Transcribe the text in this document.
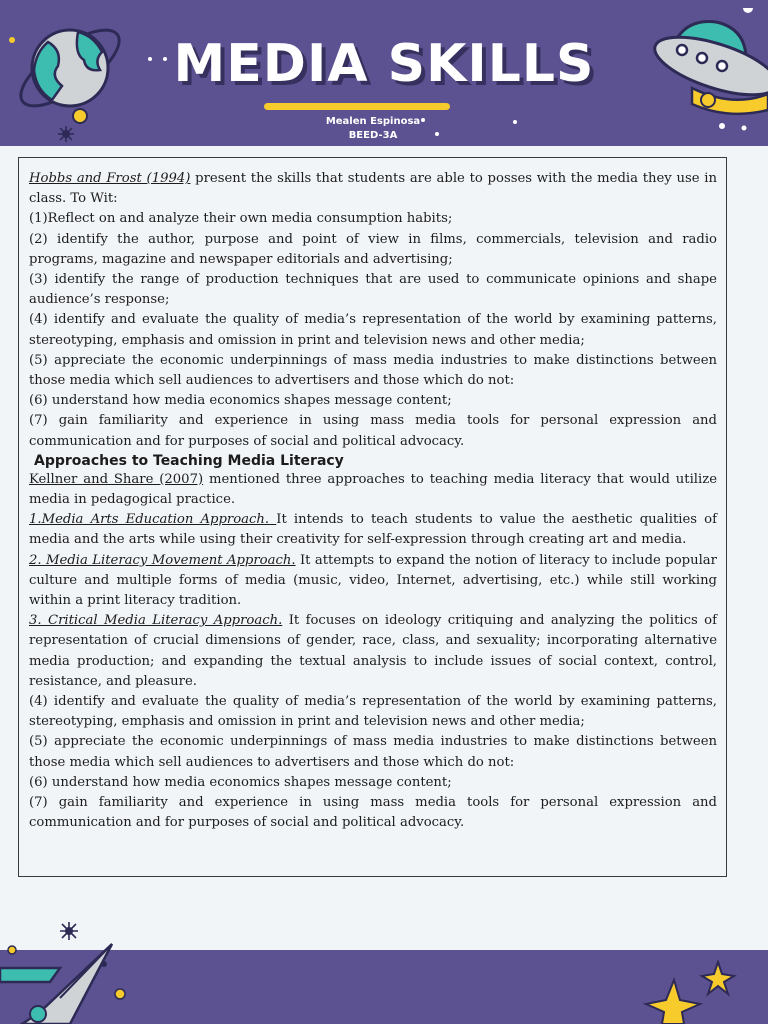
MEDIA SKILLS
Mealen Espinosa
BEED-3A

Hobbs and Frost (1994) present the skills that students are able to posses with the media they use in class. To Wit:

(1)Reflect on and analyze their own media consumption habits;

(2) identify the author, purpose and point of view in films, commercials, television and radio programs, magazine and newspaper editorials and advertising;

(3) identify the range of production techniques that are used to communicate opinions and shape audience’s response;

(4) identify and evaluate the quality of media’s representation of the world by examining patterns, stereotyping, emphasis and omission in print and television news and other media;

(5) appreciate the economic underpinnings of mass media industries to make distinctions between those media which sell audiences to advertisers and those which do not:

(6) understand how media economics shapes message content;

(7) gain familiarity and experience in using mass media tools for personal expression and communication and for purposes of social and political advocacy.

Approaches to Teaching Media Literacy

Kellner and Share (2007) mentioned three approaches to teaching media literacy that would utilize media in pedagogical practice.

1.Media Arts Education Approach. It intends to teach students to value the aesthetic qualities of media and the arts while using their creativity for self-expression through creating art and media.

2. Media Literacy Movement Approach. It attempts to expand the notion of literacy to include popular culture and multiple forms of media (music, video, Internet, advertising, etc.) while still working within a print literacy tradition.

3. Critical Media Literacy Approach. It focuses on ideology critiquing and analyzing the politics of representation of crucial dimensions of gender, race, class, and sexuality; incorporating alternative media production; and expanding the textual analysis to include issues of social context, control, resistance, and pleasure.

(4) identify and evaluate the quality of media’s representation of the world by examining patterns, stereotyping, emphasis and omission in print and television news and other media;

(5) appreciate the economic underpinnings of mass media industries to make distinctions between those media which sell audiences to advertisers and those which do not:

(6) understand how media economics shapes message content;

(7) gain familiarity and experience in using mass media tools for personal expression and communication and for purposes of social and political advocacy.
